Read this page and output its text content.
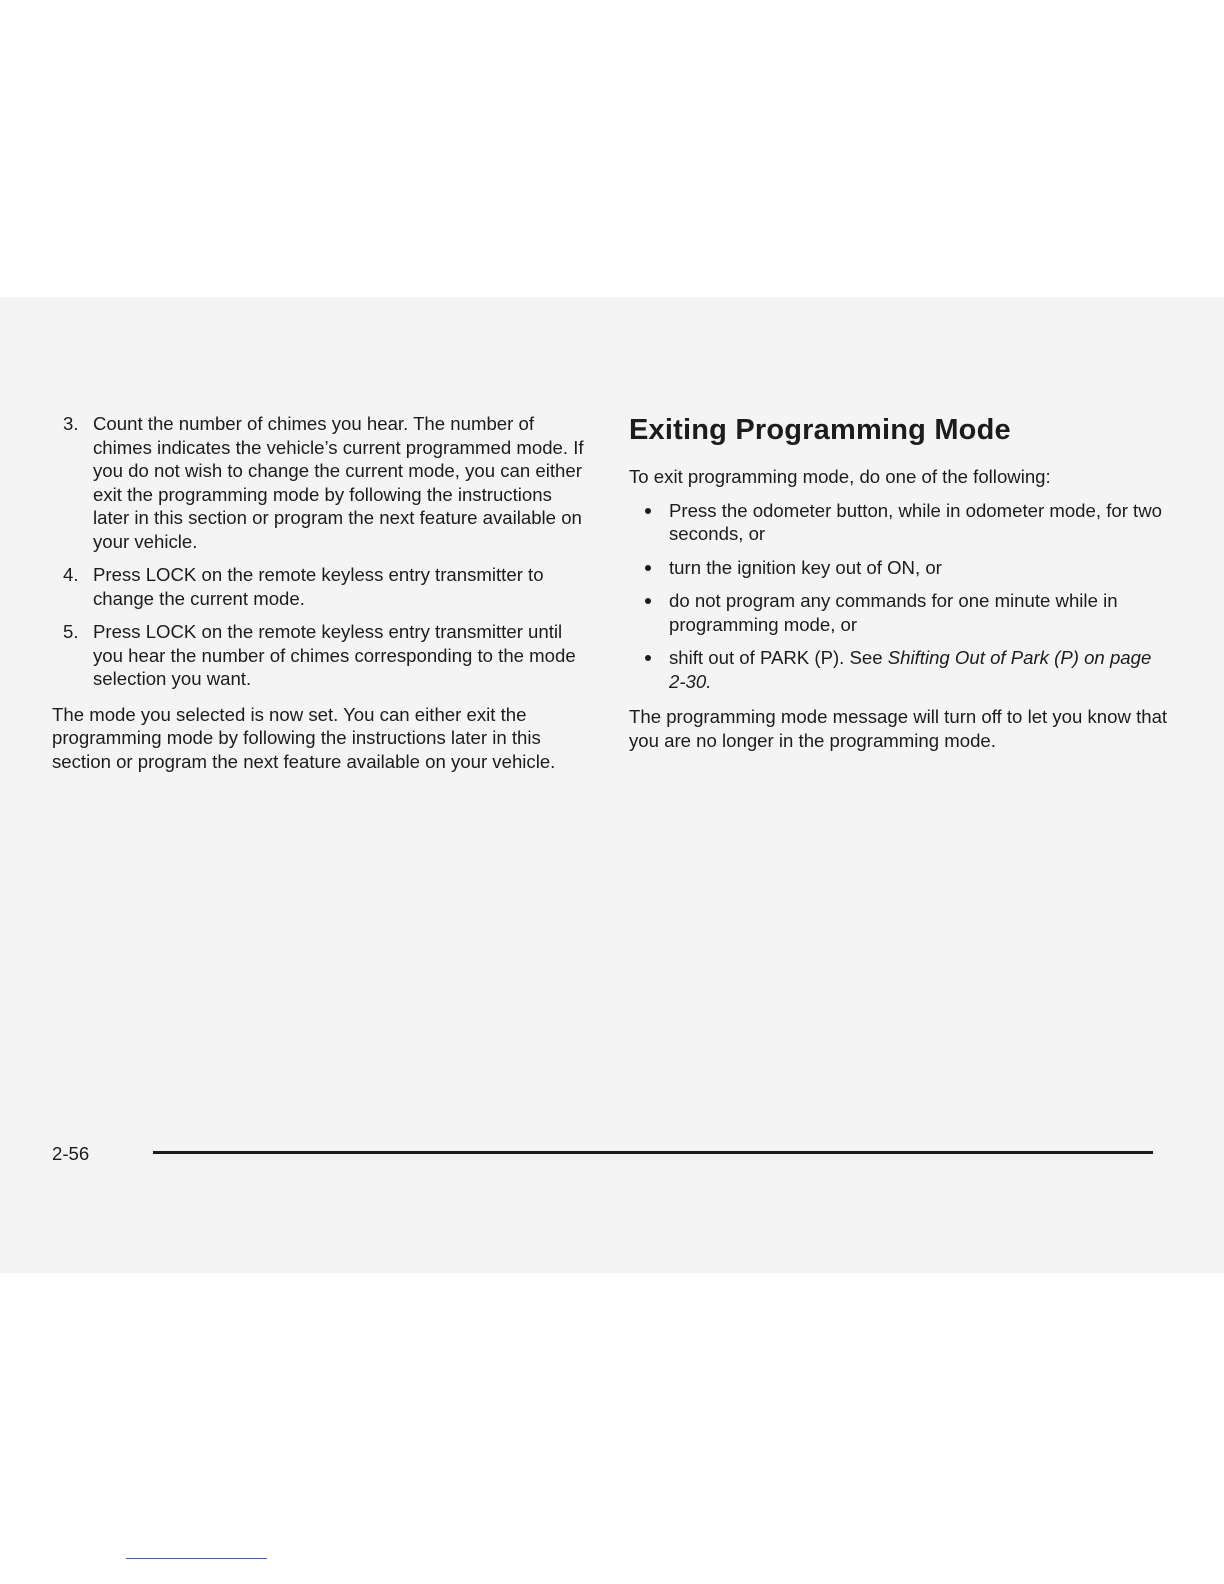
3. Count the number of chimes you hear. The number of chimes indicates the vehicle’s current programmed mode. If you do not wish to change the current mode, you can either exit the programming mode by following the instructions later in this section or program the next feature available on your vehicle.
4. Press LOCK on the remote keyless entry transmitter to change the current mode.
5. Press LOCK on the remote keyless entry transmitter until you hear the number of chimes corresponding to the mode selection you want.

The mode you selected is now set. You can either exit the programming mode by following the instructions later in this section or program the next feature available on your vehicle.

Exiting Programming Mode

To exit programming mode, do one of the following:

Press the odometer button, while in odometer mode, for two seconds, or
turn the ignition key out of ON, or
do not program any commands for one minute while in programming mode, or
shift out of PARK (P). See Shifting Out of Park (P) on page 2-30.

The programming mode message will turn off to let you know that you are no longer in the programming mode.

2-56
